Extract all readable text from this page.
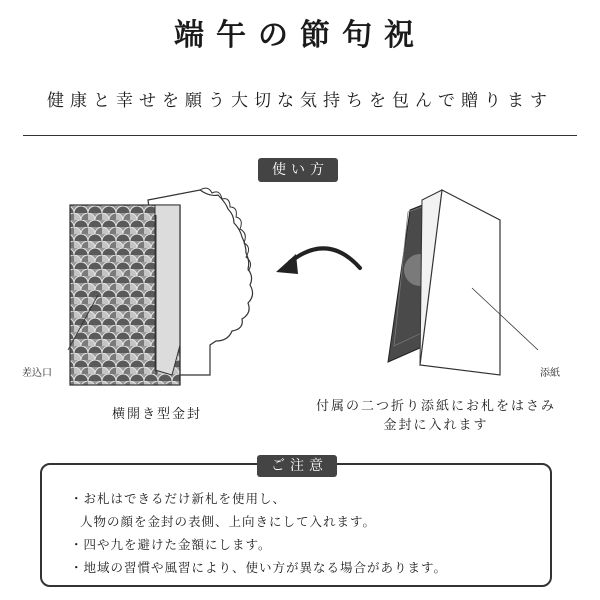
端午の節句祝
健康と幸せを願う大切な気持ちを包んで贈ります
使い方
差込口
横開き型金封
添紙
付属の二つ折り添紙にお札をはさみ
金封に入れます
ご注意
・お札はできるだけ新札を使用し、
人物の顔を金封の表側、上向きにして入れます。
・四や九を避けた金額にします。
・地域の習慣や風習により、使い方が異なる場合があります。
